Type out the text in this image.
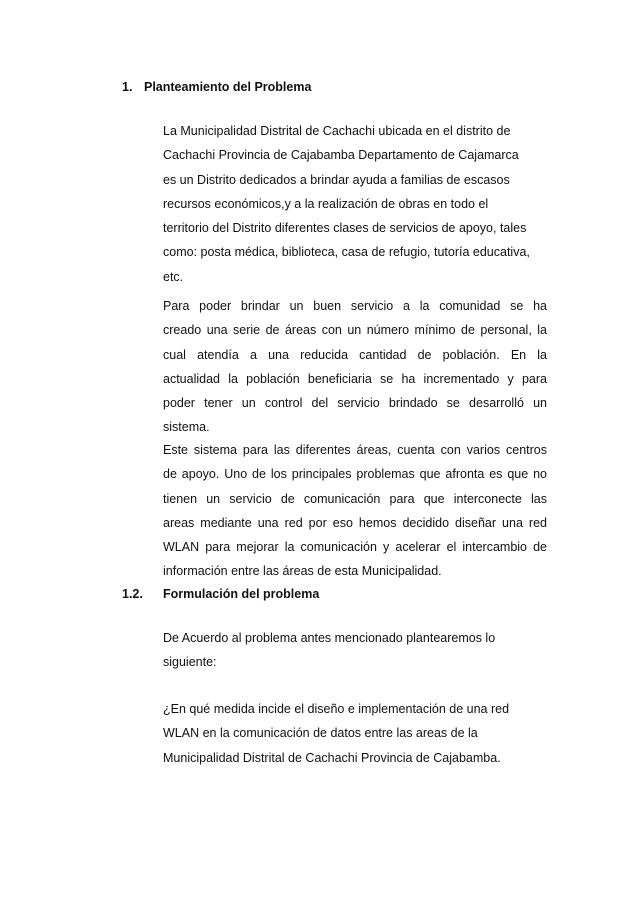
1. Planteamiento del Problema

La Municipalidad Distrital de Cachachi ubicada en el distrito de
Cachachi Provincia de Cajabamba Departamento de Cajamarca
es un Distrito dedicados a brindar ayuda a familias de escasos
recursos económicos,y a la realización de obras en todo el
territorio del Distrito diferentes clases de servicios de apoyo, tales
como: posta médica, biblioteca, casa de refugio, tutoría educativa,
etc.

Para poder brindar un buen servicio a la comunidad se ha
creado una serie de áreas con un número mínimo de personal, la
cual atendía a una reducida cantidad de población. En la
actualidad la población beneficiaria se ha incrementado y para
poder tener un control del servicio brindado se desarrolló un
sistema.

Este sistema para las diferentes áreas, cuenta con varios centros
de apoyo. Uno de los principales problemas que afronta es que no
tienen un servicio de comunicación para que interconecte las
areas mediante una red por eso hemos decidido diseñar una red
WLAN para mejorar la comunicación y acelerar el intercambio de
información entre las áreas de esta Municipalidad.

1.2. Formulación del problema

De Acuerdo al problema antes mencionado plantearemos lo
siguiente:

¿En qué medida incide el diseño e implementación de una red
WLAN en la comunicación de datos entre las areas de la
Municipalidad Distrital de Cachachi Provincia de Cajabamba.
